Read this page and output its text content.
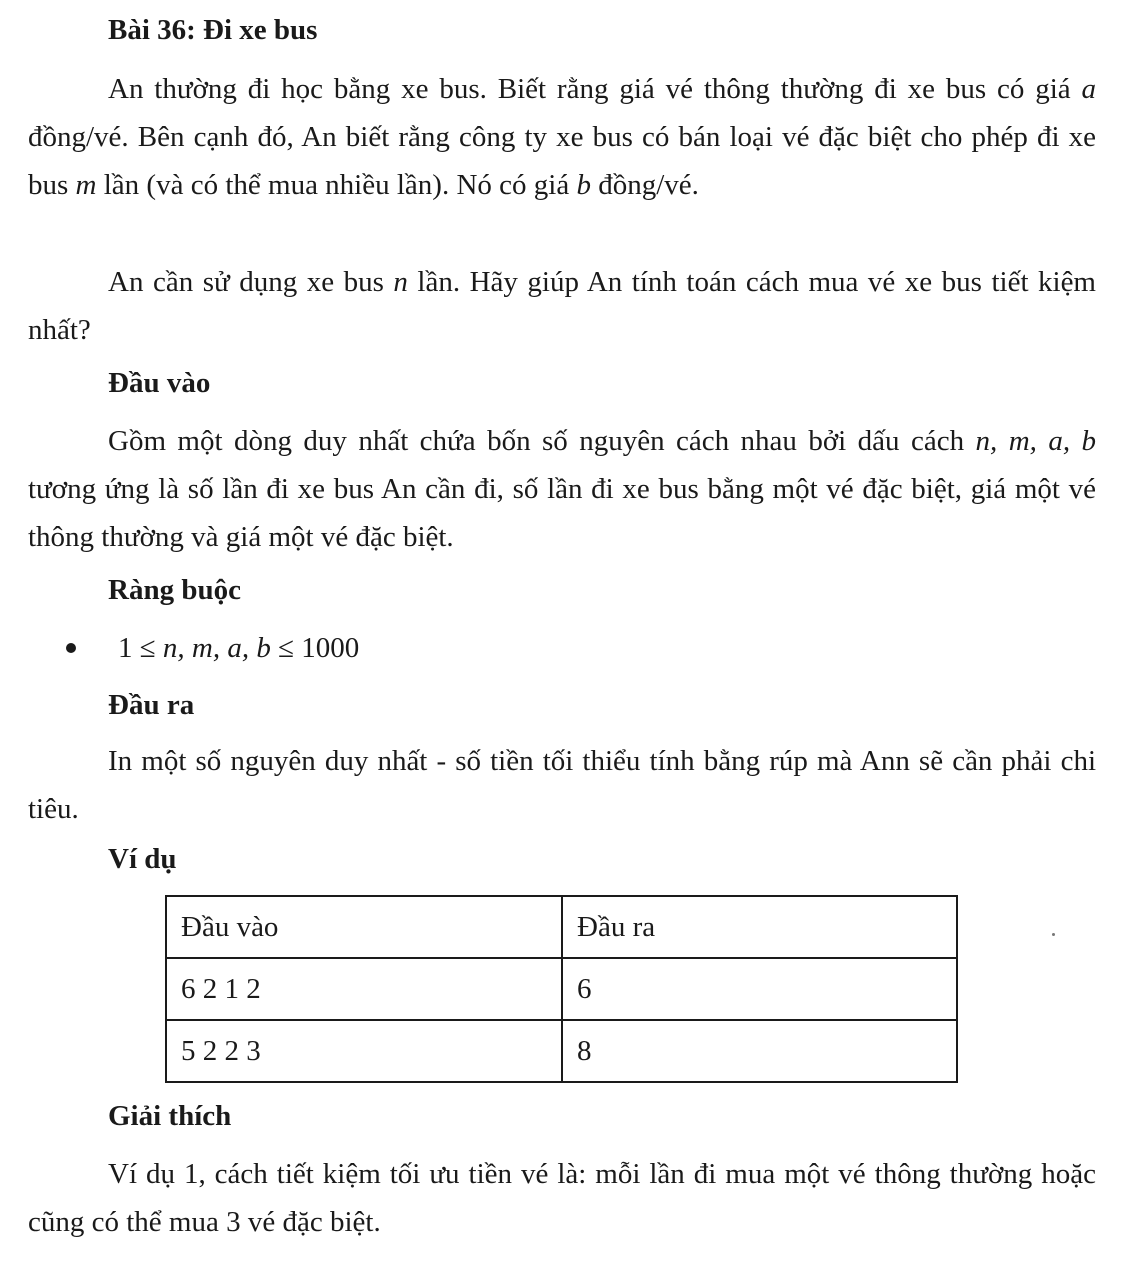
Bài 36: Đi xe bus

An thường đi học bằng xe bus. Biết rằng giá vé thông thường đi xe bus có giá a đồng/vé. Bên cạnh đó, An biết rằng công ty xe bus có bán loại vé đặc biệt cho phép đi xe bus m lần (và có thể mua nhiều lần). Nó có giá b đồng/vé.

An cần sử dụng xe bus n lần. Hãy giúp An tính toán cách mua vé xe bus tiết kiệm nhất?

Đầu vào

Gồm một dòng duy nhất chứa bốn số nguyên cách nhau bởi dấu cách n, m, a, b tương ứng là số lần đi xe bus An cần đi, số lần đi xe bus bằng một vé đặc biệt, giá một vé thông thường và giá một vé đặc biệt.

Ràng buộc
1 ≤ n, m, a, b ≤ 1000
Đầu ra

In một số nguyên duy nhất - số tiền tối thiểu tính bằng rúp mà Ann sẽ cần phải chi tiêu.

Ví dụ
Đầu vào	Đầu ra
6 2 1 2	6
5 2 2 3	8
Giải thích

Ví dụ 1, cách tiết kiệm tối ưu tiền vé là: mỗi lần đi mua một vé thông thường hoặc cũng có thể mua 3 vé đặc biệt.
